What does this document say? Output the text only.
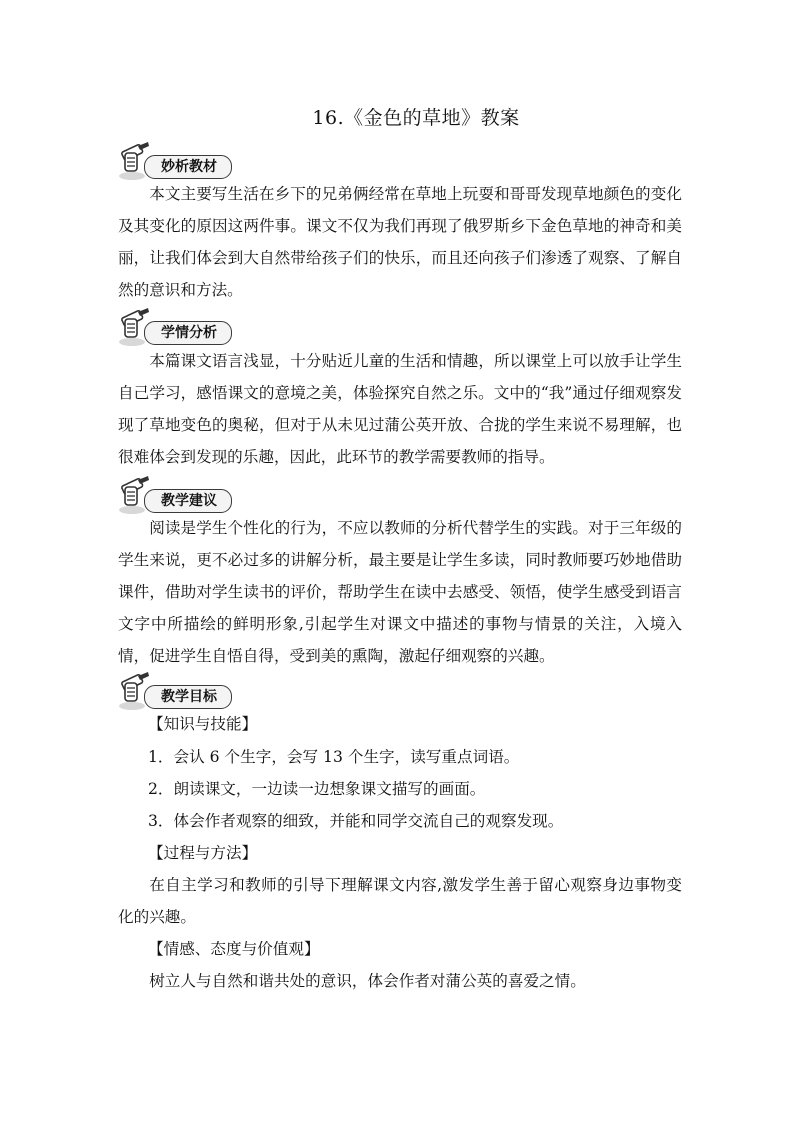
16.《金色的草地》教案
妙析教材

本文主要写生活在乡下的兄弟俩经常在草地上玩耍和哥哥发现草地颜色的变化及其变化的原因这两件事。课文不仅为我们再现了俄罗斯乡下金色草地的神奇和美丽，让我们体会到大自然带给孩子们的快乐，而且还向孩子们渗透了观察、了解自然的意识和方法。

学情分析

本篇课文语言浅显，十分贴近儿童的生活和情趣，所以课堂上可以放手让学生自己学习，感悟课文的意境之美，体验探究自然之乐。文中的“我”通过仔细观察发现了草地变色的奥秘，但对于从未见过蒲公英开放、合拢的学生来说不易理解，也很难体会到发现的乐趣，因此，此环节的教学需要教师的指导。

教学建议

阅读是学生个性化的行为，不应以教师的分析代替学生的实践。对于三年级的学生来说，更不必过多的讲解分析，最主要是让学生多读，同时教师要巧妙地借助课件，借助对学生读书的评价，帮助学生在读中去感受、领悟，使学生感受到语言文字中所描绘的鲜明形象,引起学生对课文中描述的事物与情景的关注，入境入情，促进学生自悟自得，受到美的熏陶，激起仔细观察的兴趣。

教学目标

【知识与技能】

1．会认 6 个生字，会写 13 个生字，读写重点词语。

2．朗读课文，一边读一边想象课文描写的画面。

3．体会作者观察的细致，并能和同学交流自己的观察发现。

【过程与方法】

在自主学习和教师的引导下理解课文内容,激发学生善于留心观察身边事物变化的兴趣。

【情感、态度与价值观】

树立人与自然和谐共处的意识，体会作者对蒲公英的喜爱之情。
